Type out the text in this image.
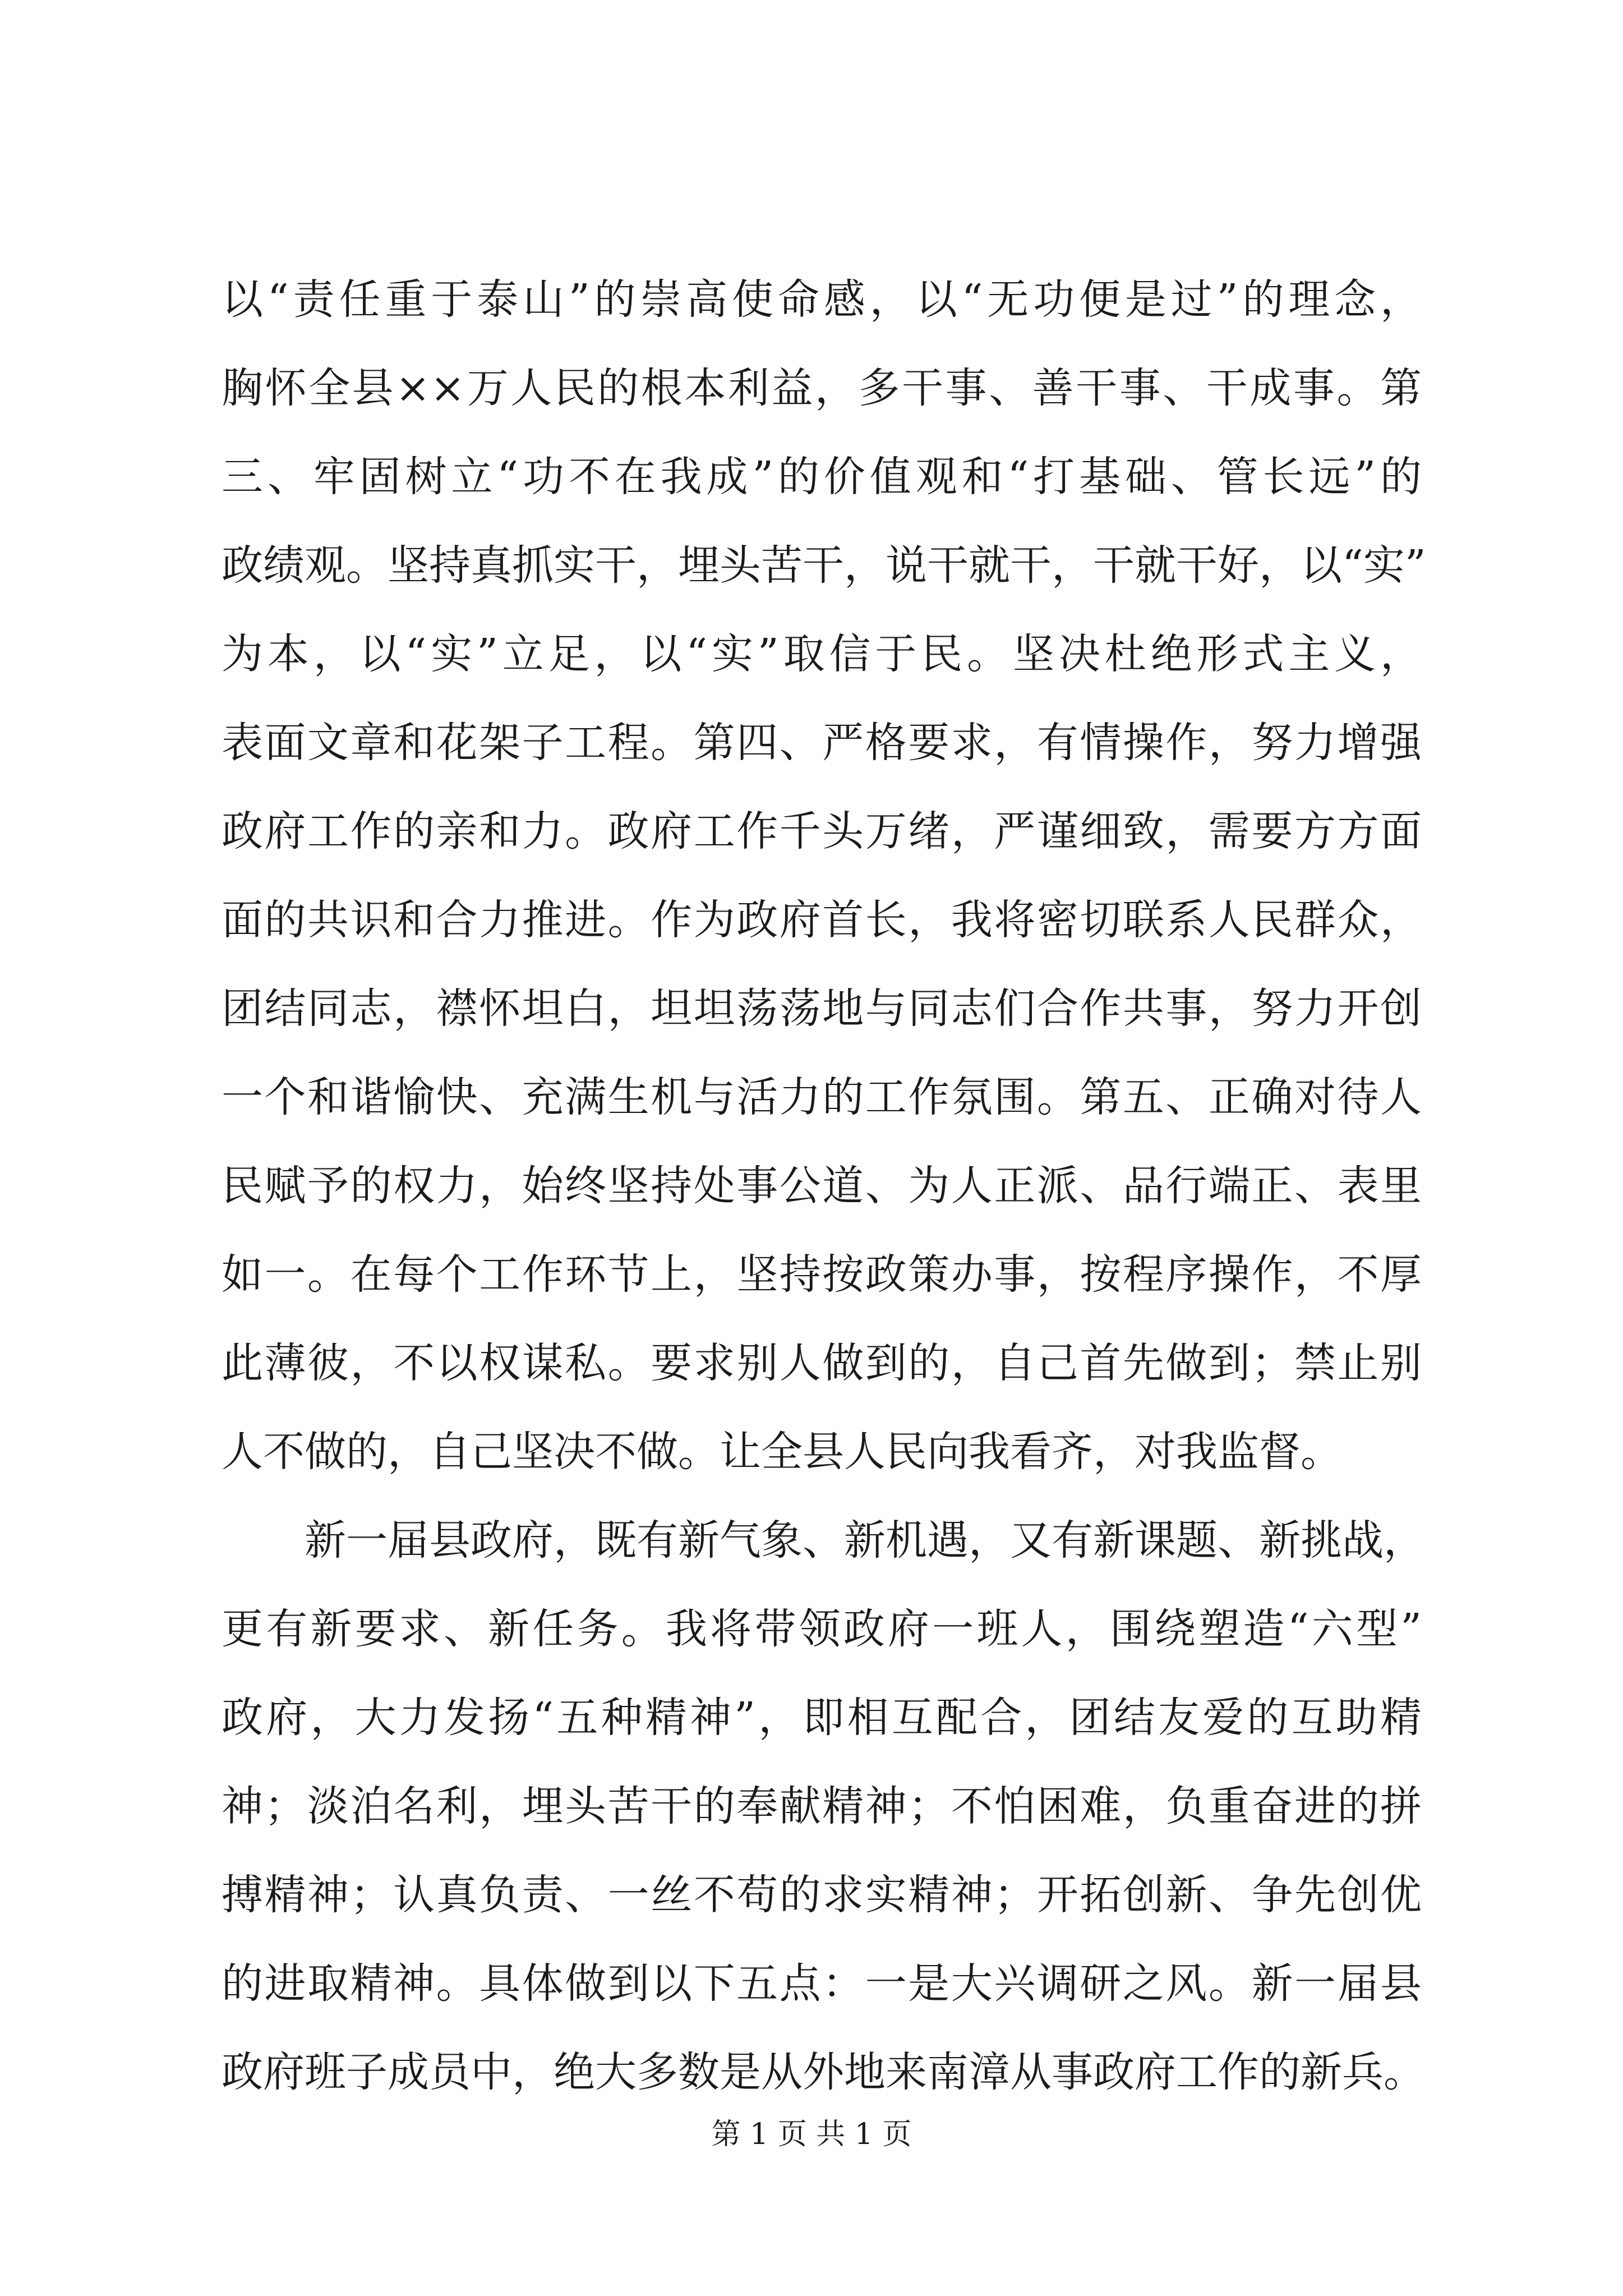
以“责任重于泰山”的崇高使命感，以“无功便是过”的理念，
胸怀全县××万人民的根本利益，多干事、善干事、干成事。第
三、牢固树立“功不在我成”的价值观和“打基础、管长远”的
政绩观。坚持真抓实干，埋头苦干，说干就干，干就干好，以“实”
为本，以“实”立足，以“实”取信于民。坚决杜绝形式主义，
表面文章和花架子工程。第四、严格要求，有情操作，努力增强
政府工作的亲和力。政府工作千头万绪，严谨细致，需要方方面
面的共识和合力推进。作为政府首长，我将密切联系人民群众，
团结同志，襟怀坦白，坦坦荡荡地与同志们合作共事，努力开创
一个和谐愉快、充满生机与活力的工作氛围。第五、正确对待人
民赋予的权力，始终坚持处事公道、为人正派、品行端正、表里
如一。在每个工作环节上，坚持按政策办事，按程序操作，不厚
此薄彼，不以权谋私。要求别人做到的，自己首先做到；禁止别
人不做的，自己坚决不做。让全县人民向我看齐，对我监督。
新一届县政府，既有新气象、新机遇，又有新课题、新挑战，
更有新要求、新任务。我将带领政府一班人，围绕塑造“六型”
政府，大力发扬“五种精神”，即相互配合，团结友爱的互助精
神；淡泊名利，埋头苦干的奉献精神；不怕困难，负重奋进的拼
搏精神；认真负责、一丝不苟的求实精神；开拓创新、争先创优
的进取精神。具体做到以下五点：一是大兴调研之风。新一届县
政府班子成员中，绝大多数是从外地来南漳从事政府工作的新兵。
第 1 页 共 1 页
